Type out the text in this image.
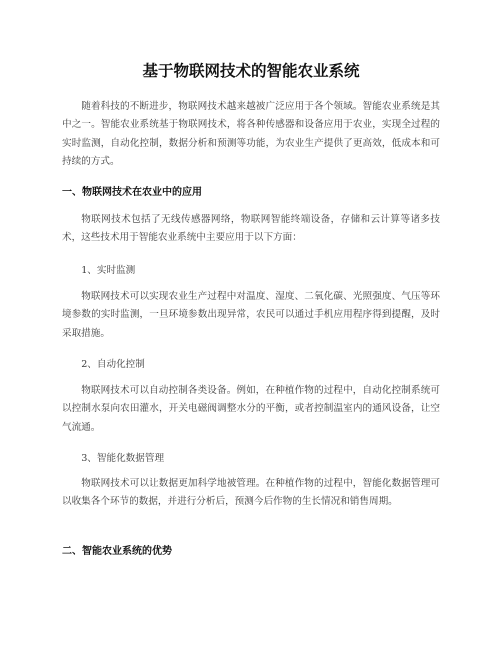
基于物联网技术的智能农业系统

随着科技的不断进步，物联网技术越来越被广泛应用于各个领域。智能农业系统是其中之一。智能农业系统基于物联网技术，将各种传感器和设备应用于农业，实现全过程的实时监测，自动化控制，数据分析和预测等功能，为农业生产提供了更高效，低成本和可持续的方式。

一、物联网技术在农业中的应用

物联网技术包括了无线传感器网络，物联网智能终端设备，存储和云计算等诸多技术，这些技术用于智能农业系统中主要应用于以下方面：

1、实时监测

物联网技术可以实现农业生产过程中对温度、湿度、二氧化碳、光照强度、气压等环境参数的实时监测，一旦环境参数出现异常，农民可以通过手机应用程序得到提醒，及时采取措施。

2、自动化控制

物联网技术可以自动控制各类设备。例如，在种植作物的过程中，自动化控制系统可以控制水泵向农田灌水，开关电磁阀调整水分的平衡，或者控制温室内的通风设备，让空气流通。

3、智能化数据管理

物联网技术可以让数据更加科学地被管理。在种植作物的过程中，智能化数据管理可以收集各个环节的数据，并进行分析后，预测今后作物的生长情况和销售周期。

二、智能农业系统的优势
